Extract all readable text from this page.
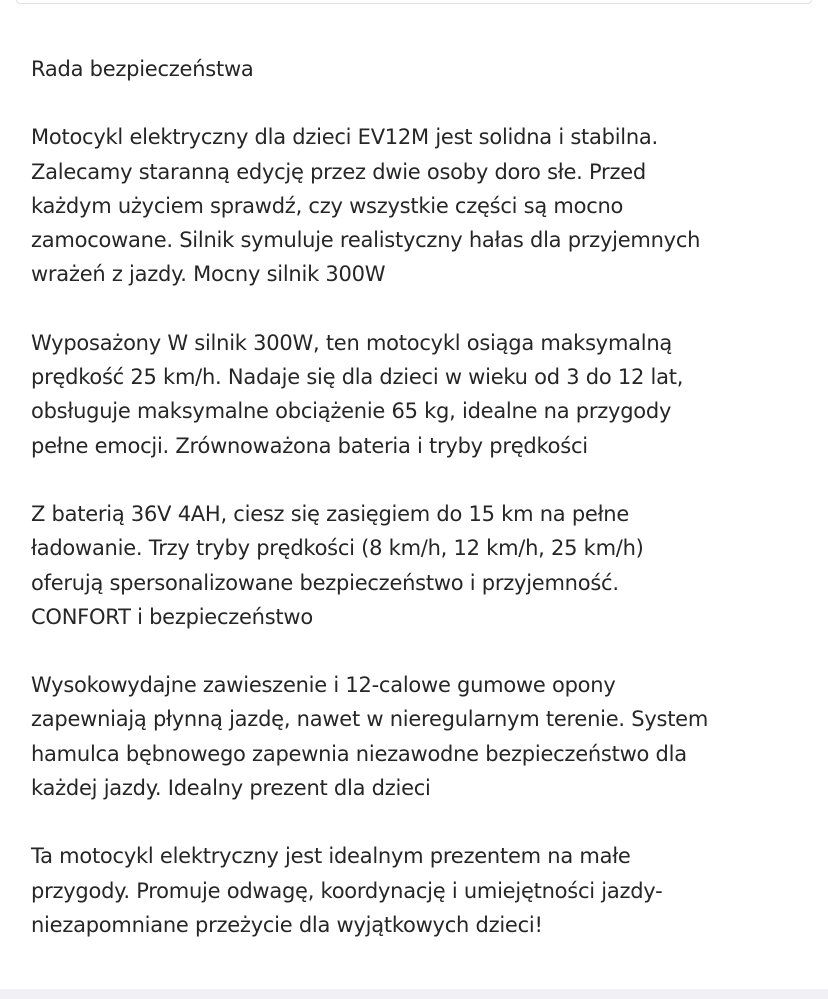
Rada bezpieczeństwa

Motocykl elektryczny dla dzieci EV12M jest solidna i stabilna.
Zalecamy staranną edycję przez dwie osoby doro słe. Przed
każdym użyciem sprawdź, czy wszystkie części są mocno
zamocowane. Silnik symuluje realistyczny hałas dla przyjemnych
wrażeń z jazdy. Mocny silnik 300W

Wyposażony W silnik 300W, ten motocykl osiąga maksymalną
prędkość 25 km/h. Nadaje się dla dzieci w wieku od 3 do 12 lat,
obsługuje maksymalne obciążenie 65 kg, idealne na przygody
pełne emocji. Zrównoważona bateria i tryby prędkości

Z baterią 36V 4AH, ciesz się zasięgiem do 15 km na pełne
ładowanie. Trzy tryby prędkości (8 km/h, 12 km/h, 25 km/h)
oferują spersonalizowane bezpieczeństwo i przyjemność.
CONFORT i bezpieczeństwo

Wysokowydajne zawieszenie i 12-calowe gumowe opony
zapewniają płynną jazdę, nawet w nieregularnym terenie. System
hamulca bębnowego zapewnia niezawodne bezpieczeństwo dla
każdej jazdy. Idealny prezent dla dzieci

Ta motocykl elektryczny jest idealnym prezentem na małe
przygody. Promuje odwagę, koordynację i umiejętności jazdy-
niezapomniane przeżycie dla wyjątkowych dzieci!
